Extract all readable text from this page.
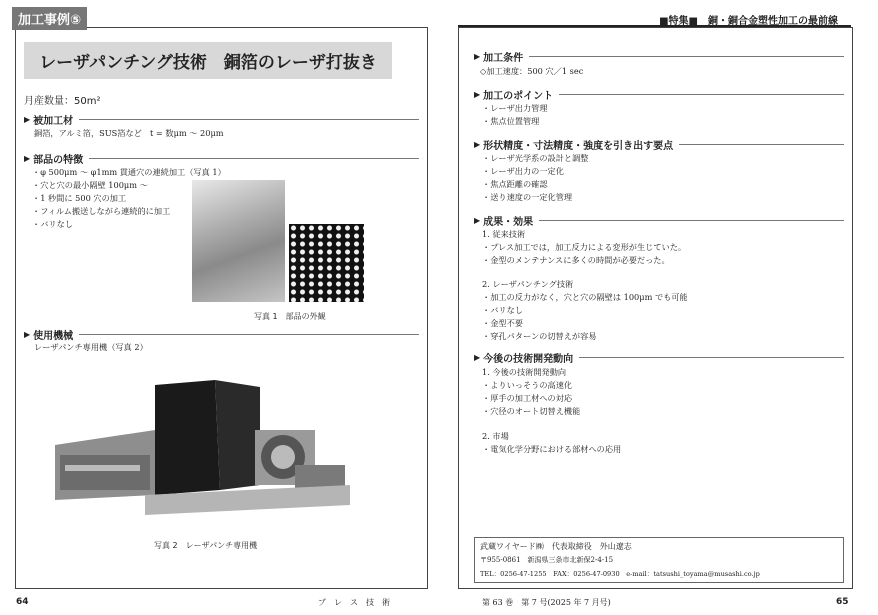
加工事例⑤	■特集■　銅・銅合金塑性加工の最前線
レーザパンチング技術　銅箔のレーザ打抜き
月産数量：50m²
▶ 被加工材
銅箔，アルミ箔，SUS箔など　t = 数μm ～ 20μm
▶ 部品の特徴
・φ 500μm ～ φ1mm 貫通穴の連続加工（写真 1）
・穴と穴の最小隔壁 100μm ～
・1 秒間に 500 穴の加工
・フィルム搬送しながら連続的に加工
・バリなし
写真 1　部品の外観
▶ 使用機械
レーザパンチ専用機（写真 2）
写真 2　レーザパンチ専用機
64	プ　レ　ス　技　術
▶ 加工条件
◇加工速度：500 穴／1 sec
▶ 加工のポイント
・レーザ出力管理
・焦点位置管理
▶ 形状精度・寸法精度・強度を引き出す要点
・レーザ光学系の設計と調整
・レーザ出力の一定化
・焦点距離の確認
・送り速度の一定化管理
▶ 成果・効果
1. 従来技術
・プレス加工では，加工反力による変形が生じていた。
・金型のメンテナンスに多くの時間が必要だった。
2. レーザパンチング技術
・加工の反力がなく，穴と穴の隔壁は 100μm でも可能
・バリなし
・金型不要
・穿孔パターンの切替えが容易
▶ 今後の技術開発動向
1. 今後の技術開発動向
・よりいっそうの高速化
・厚手の加工材への対応
・穴径のオート切替え機能
2. 市場
・電気化学分野における部材への応用
武蔵ワイヤード㈱　代表取締役　外山遼志
〒955-0861　新潟県三条市北新保2-4-15
TEL：0256-47-1255　FAX：0256-47-0930　e-mail：tatsushi_toyama@musashi.co.jp
第 63 巻　第 7 号(2025 年 7 月号)	65
